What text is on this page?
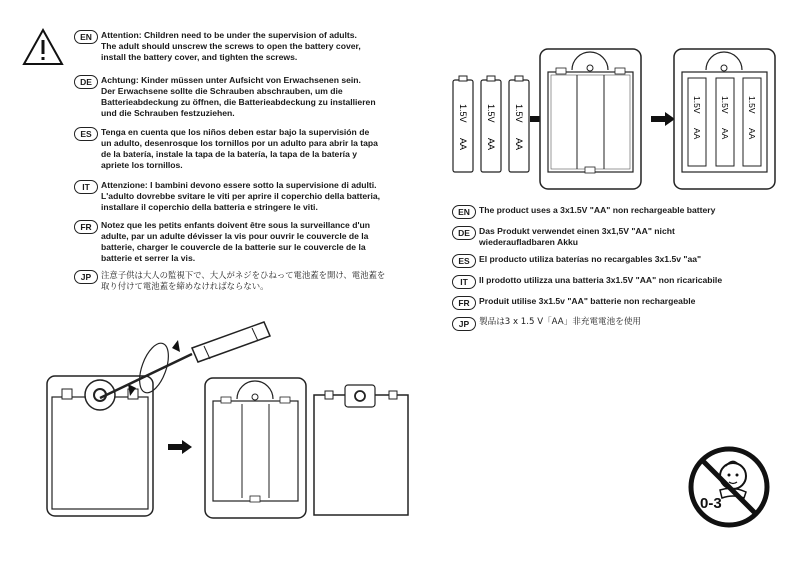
EN	Attention: Children need to be under the supervision of adults.
The adult should unscrew the screws to open the battery cover,
install the battery cover, and tighten the screws.
DE	Achtung: Kinder müssen unter Aufsicht von Erwachsenen sein.
Der Erwachsene sollte die Schrauben abschrauben, um die
Batterieabdeckung zu öffnen, die Batterieabdeckung zu installieren
und die Schrauben festzuziehen.
ES	Tenga en cuenta que los niños deben estar bajo la supervisión de
un adulto, desenrosque los tornillos por un adulto para abrir la tapa
de la batería, instale la tapa de la batería, la tapa de la batería y
apriete los tornillos.
IT	Attenzione: I bambini devono essere sotto la supervisione di adulti.
L'adulto dovrebbe svitare le viti per aprire il coperchio della batteria,
installare il coperchio della batteria e stringere le viti.
FR	Notez que les petits enfants doivent être sous la surveillance d'un
adulte, par un adulte dévisser la vis pour ouvrir le couvercle de la
batterie, charger le couvercle de la batterie sur le couvercle de la
batterie et serrer la vis.
JP	注意子供は大人の監視下で、大人がネジをひねって電池蓋を開け、電池蓋を
取り付けて電池蓋を締めなければならない。
EN	The product uses a 3x1.5V "AA" non rechargeable battery
DE	Das Produkt verwendet einen 3x1,5V "AA" nicht
wiederaufladbaren Akku
ES	El producto utiliza baterías no recargables 3x1.5v "aa"
IT	Il prodotto utilizza una batteria 3x1.5V "AA" non ricaricabile
FR	Produit utilise 3x1.5v "AA" batterie non rechargeable
JP	製品は3 x 1.5 V「AA」非充電電池を使用
1.5V
AA
1.5V
AA
1.5V
AA
1.5V
AA
1.5V
AA
1.5V
AA
0-3
